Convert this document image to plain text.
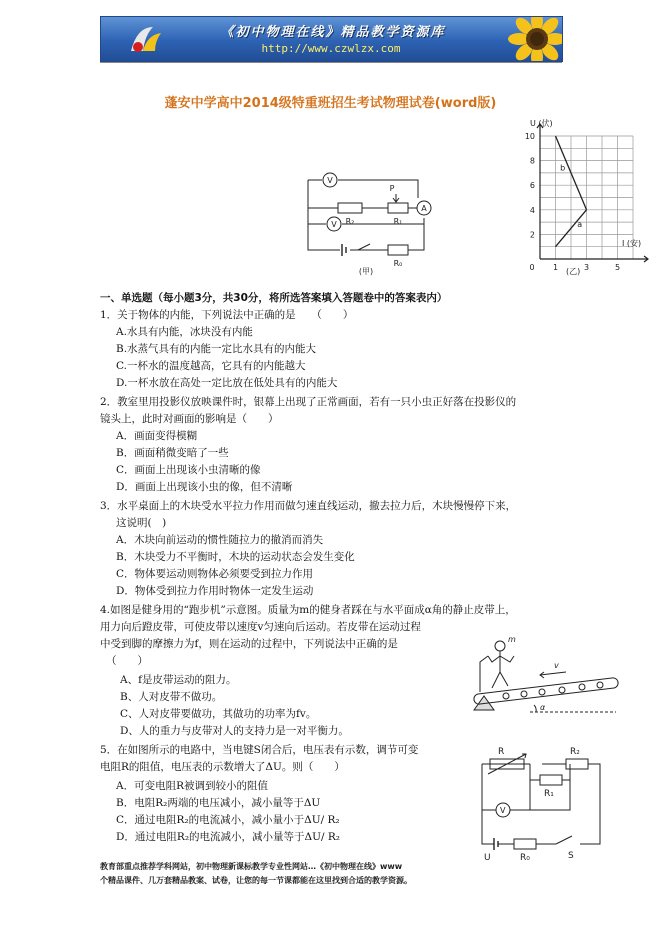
《初中物理在线》精品教学资源库
http://www.czwlzx.com
蓬安中学高中2014级特重班招生考试物理试卷(word版)
V
R₂
P
R₁
A
V
R₀
(甲)
10
8
6
4
2
0 1	3	5
b
a
U (伏)
I (安)
(乙)
一、单选题（每小题3分，共30分，将所选答案填入答题卷中的答案表内）
1．关于物体的内能，下列说法中正确的是　　（　　）
A.水具有内能，冰块没有内能
B.水蒸气具有的内能一定比水具有的内能大
C.一杯水的温度越高，它具有的内能越大
D.一杯水放在高处一定比放在低处具有的内能大
2．教室里用投影仪放映课件时，银幕上出现了正常画面，若有一只小虫正好落在投影仪的
镜头上，此时对画面的影响是（　　）
A．画面变得模糊
B．画面稍微变暗了一些
C．画面上出现该小虫清晰的像
D．画面上出现该小虫的像，但不清晰
3．水平桌面上的木块受水平拉力作用而做匀速直线运动，撤去拉力后，木块慢慢停下来，
这说明(　)
A．木块向前运动的惯性随拉力的撤消而消失
B．木块受力不平衡时，木块的运动状态会发生变化
C．物体要运动则物体必须要受到拉力作用
D．物体受到拉力作用时物体一定发生运动
4.如图是健身用的“跑步机”示意图。质量为m的健身者踩在与水平面成α角的静止皮带上，
用力向后蹬皮带，可使皮带以速度v匀速向后运动。若皮带在运动过程
中受到脚的摩擦力为f，则在运动的过程中，下列说法中正确的是
（　　）
A、f是皮带运动的阻力。
B、人对皮带不做功。
C、人对皮带要做功，其做功的功率为fv。
D、人的重力与皮带对人的支持力是一对平衡力。
m
v
α
5．在如图所示的电路中，当电键S闭合后，电压表有示数，调节可变
电阻R的阻值，电压表的示数增大了ΔU。则（　　）
A．可变电阻R被调到较小的阻值
B．电阻R₂两端的电压减小，减小量等于ΔU
C．通过电阻R₂的电流减小，减小量小于ΔU/ R₂
D．通过电阻R₂的电流减小，减小量等于ΔU/ R₂
R	R₂
R₁
V
U	R₀	S
教育部重点推荐学科网站，初中物理新课标教学专业性网站…《初中物理在线》www
个精品课件、几万套精品教案、试卷，让您的每一节课都能在这里找到合适的教学资源。
